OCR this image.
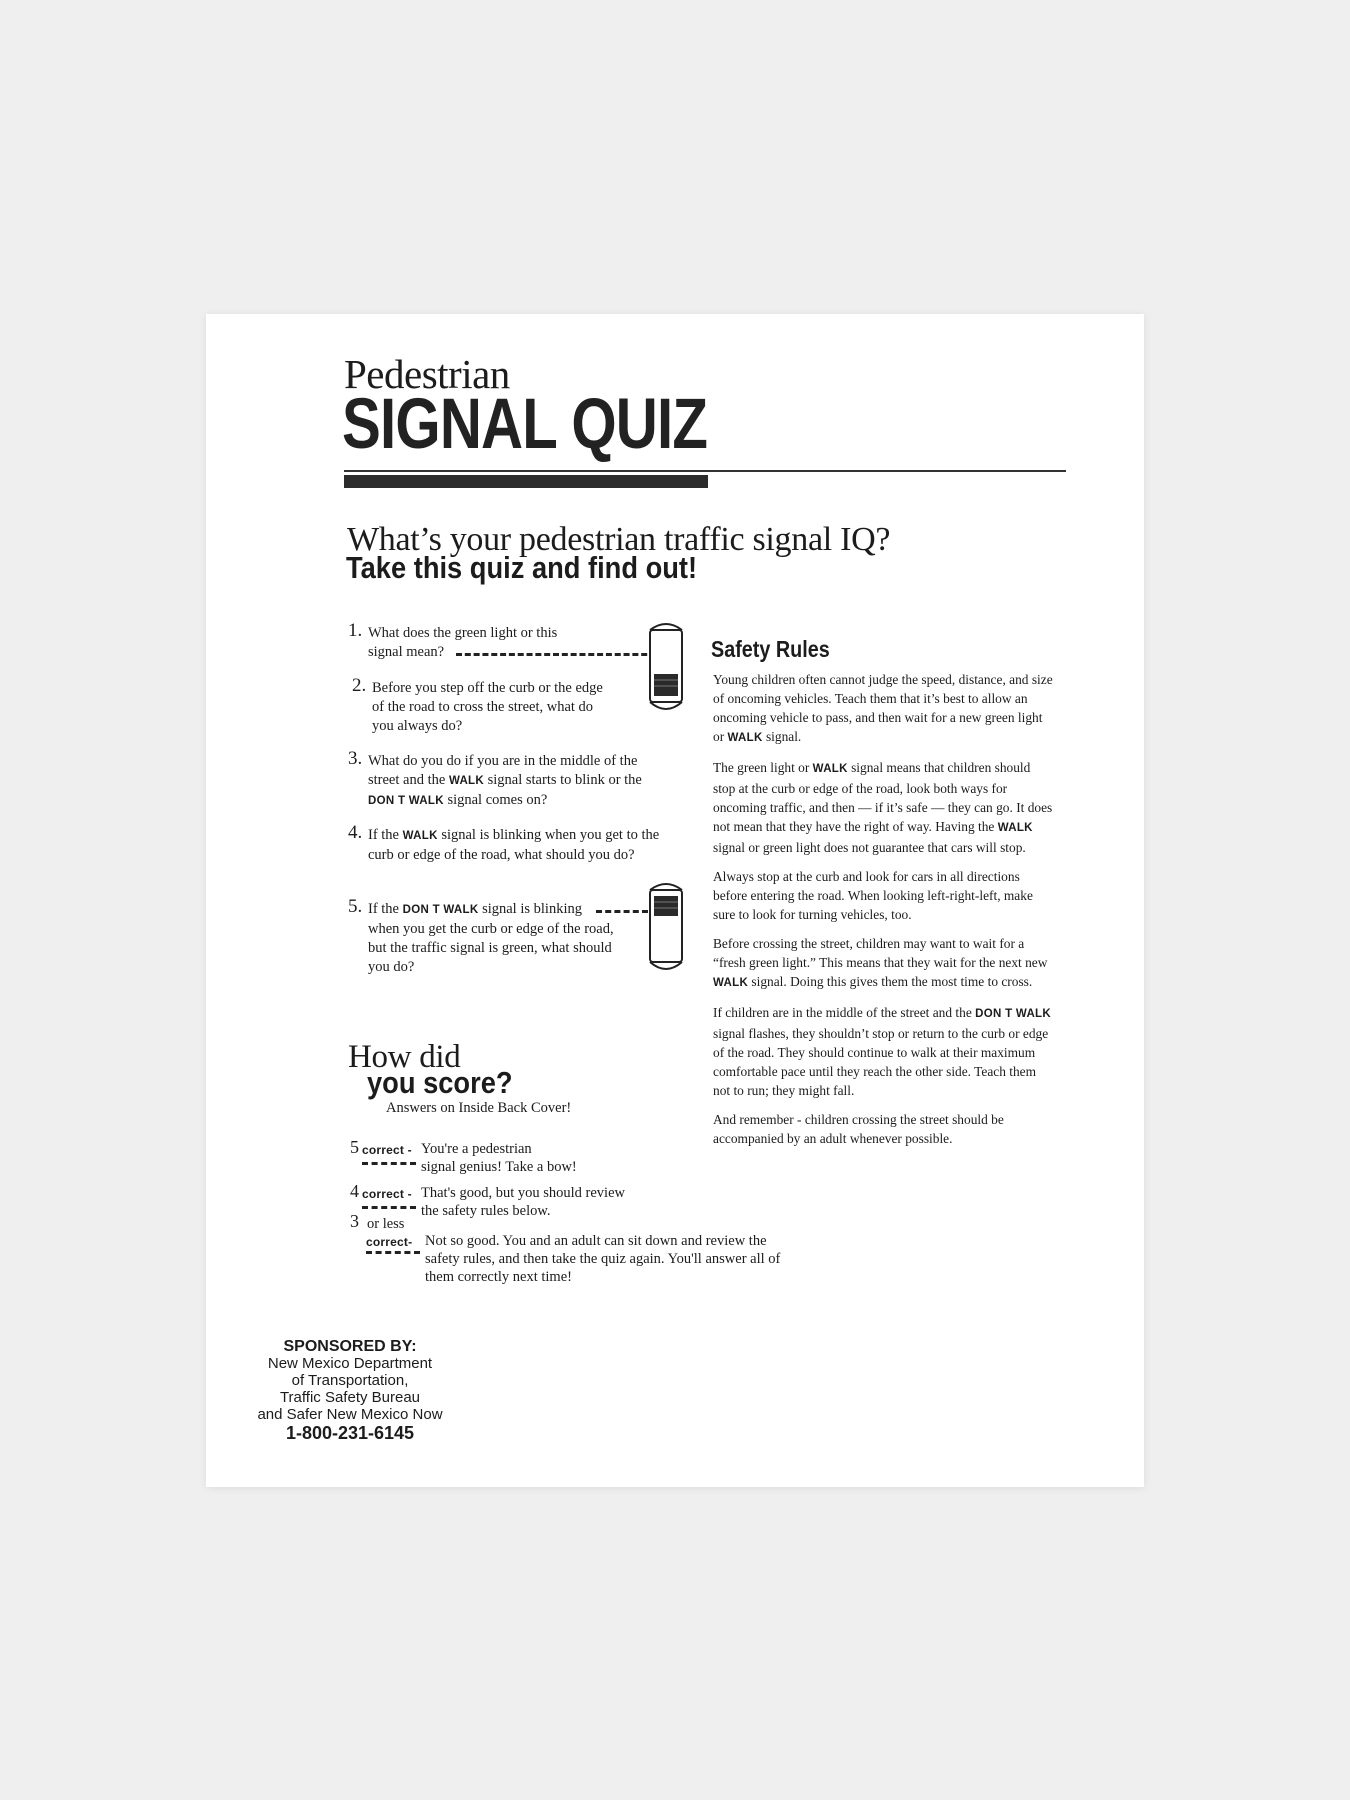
Pedestrian
SIGNAL QUIZ
What’s your pedestrian traffic signal IQ?
Take this quiz and find out!
1. What does the green light or this signal mean?
2. Before you step off the curb or the edge of the road to cross the street, what do you always do?
3. What do you do if you are in the middle of the street and the WALK signal starts to blink or the DON T WALK signal comes on?
4. If the WALK signal is blinking when you get to the curb or edge of the road, what should you do?
5. If the DON T WALK signal is blinking
when you get the curb or edge of the road, but the traffic signal is green, what should you do?
Safety Rules

Young children often cannot judge the speed, distance, and size of oncoming vehicles. Teach them that it’s best to allow an oncoming vehicle to pass, and then wait for a new green light or WALK signal.

The green light or WALK signal means that children should stop at the curb or edge of the road, look both ways for oncoming traffic, and then — if it’s safe — they can go. It does not mean that they have the right of way. Having the WALK signal or green light does not guarantee that cars will stop.

Always stop at the curb and look for cars in all directions before entering the road. When looking left-right-left, make sure to look for turning vehicles, too.

Before crossing the street, children may want to wait for a “fresh green light.” This means that they wait for the next new WALK signal. Doing this gives them the most time to cross.

If children are in the middle of the street and the DON T WALK signal flashes, they shouldn’t stop or return to the curb or edge of the road. They should continue to walk at their maximum comfortable pace until they reach the other side. Teach them not to run; they might fall.

And remember - children crossing the street should be accompanied by an adult whenever possible.

How did
you score?
Answers on Inside Back Cover!
5 correct - You're a pedestrian
signal genius! Take a bow!
4 correct - That's good, but you should review
the safety rules below.
3 or less
correct- Not so good. You and an adult can sit down and review the
safety rules, and then take the quiz again. You'll answer all of
them correctly next time!
SPONSORED BY:
New Mexico Department
of Transportation,
Traffic Safety Bureau
and Safer New Mexico Now
1-800-231-6145
